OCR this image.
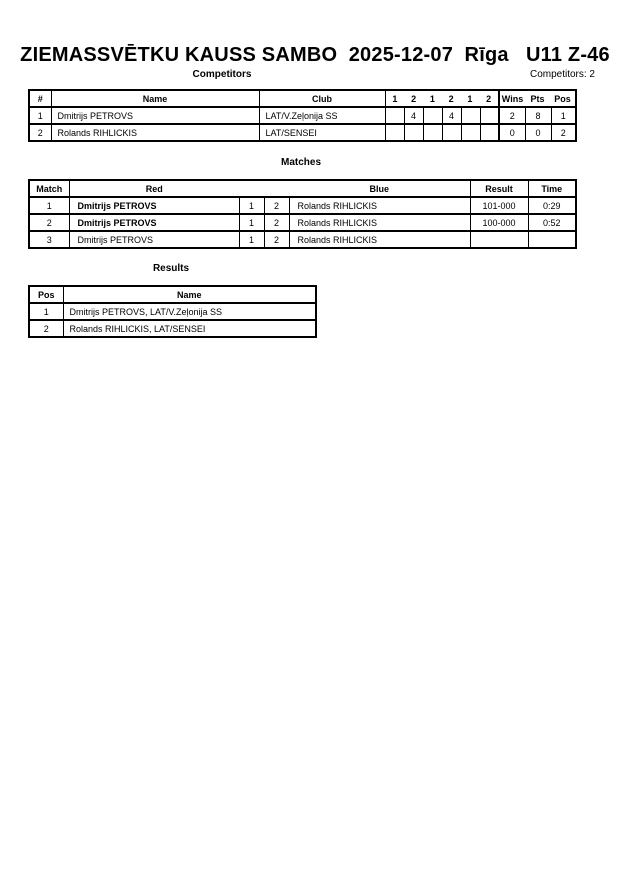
ZIEMASSVĒTKU KAUSS SAMBO  2025-12-07  Rīga   U11 Z-46
Competitors	Competitors: 2
#	Name	Club	1	2	1	2	1	2	Wins Pts	Pos

1	Dmitrijs PETROVS	LAT/V.Zeļonija SS		4		4			2	8	1
2	Rolands RIHLICKIS	LAT/SENSEI							0	0	2
Matches
Match	Red			Blue	Result	Time
1	Dmitrijs PETROVS	1	2	Rolands RIHLICKIS	101-000	0:29
2	Dmitrijs PETROVS	1	2	Rolands RIHLICKIS	100-000	0:52
3	Dmitrijs PETROVS	1	2	Rolands RIHLICKIS		
Results
Pos	Name
1	Dmitrijs PETROVS, LAT/V.Zeļonija SS
2	Rolands RIHLICKIS, LAT/SENSEI
